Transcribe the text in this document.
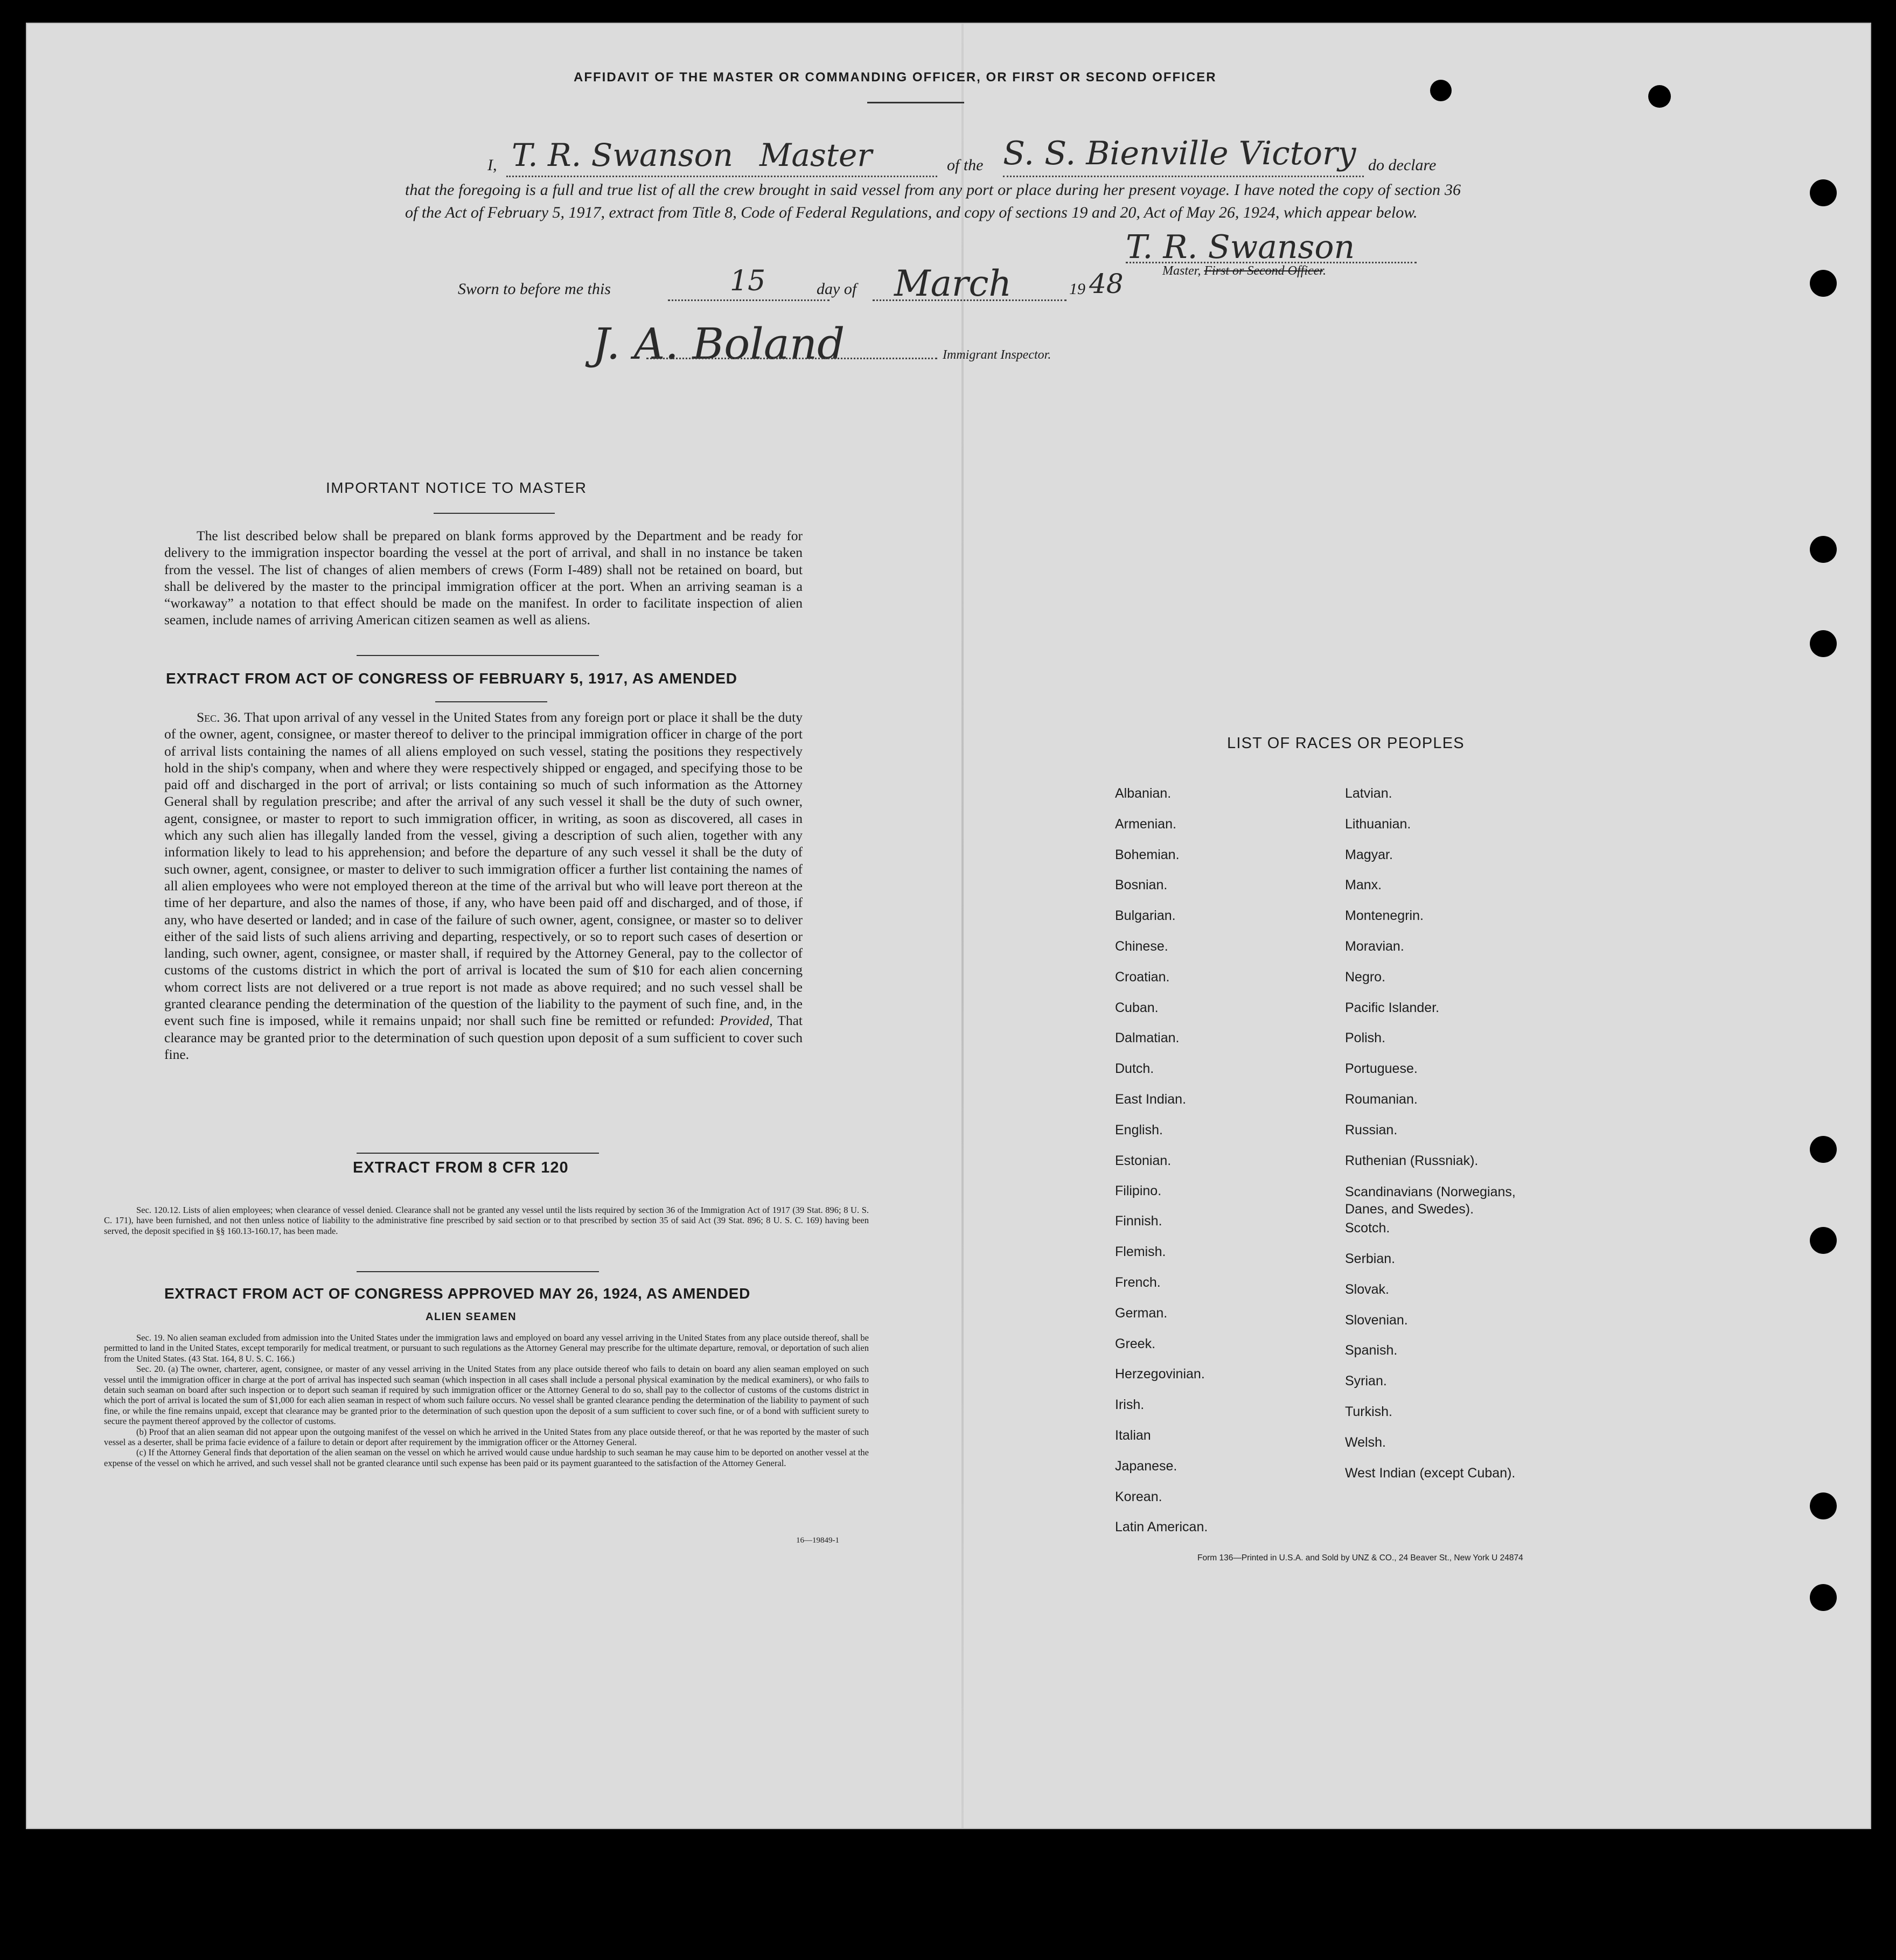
AFFIDAVIT OF THE MASTER OR COMMANDING OFFICER, OR FIRST OR SECOND OFFICER
I, T. R. Swanson Master	of the S. S. Bienville Victory do declare
that the foregoing is a full and true list of all the crew brought in said vessel from any port or place during her present voyage. I have noted the copy of section 36 of the Act of February 5, 1917, extract from Title 8, Code of Federal Regulations, and copy of sections 19 and 20, Act of May 26, 1924, which appear below.
T. R. Swanson
Master, First or Second Officer.
Sworn to before me this	15	day of March	19 48
J. A. Boland	Immigrant Inspector.
IMPORTANT NOTICE TO MASTER
The list described below shall be prepared on blank forms approved by the Department and be ready for delivery to the immigration inspector boarding the vessel at the port of arrival, and shall in no instance be taken from the vessel. The list of changes of alien members of crews (Form I-489) shall not be retained on board, but shall be delivered by the master to the principal immigration officer at the port. When an arriving seaman is a “workaway” a notation to that effect should be made on the manifest. In order to facilitate inspection of alien seamen, include names of arriving American citizen seamen as well as aliens.
EXTRACT FROM ACT OF CONGRESS OF FEBRUARY 5, 1917, AS AMENDED
Sec. 36. That upon arrival of any vessel in the United States from any foreign port or place it shall be the duty of the owner, agent, consignee, or master thereof to deliver to the principal immigration officer in charge of the port of arrival lists containing the names of all aliens employed on such vessel, stating the positions they respectively hold in the ship's company, when and where they were respectively shipped or engaged, and specifying those to be paid off and discharged in the port of arrival; or lists containing so much of such information as the Attorney General shall by regulation prescribe; and after the arrival of any such vessel it shall be the duty of such owner, agent, consignee, or master to report to such immigration officer, in writing, as soon as discovered, all cases in which any such alien has illegally landed from the vessel, giving a description of such alien, together with any information likely to lead to his apprehension; and before the departure of any such vessel it shall be the duty of such owner, agent, consignee, or master to deliver to such immigration officer a further list containing the names of all alien employees who were not employed thereon at the time of the arrival but who will leave port thereon at the time of her departure, and also the names of those, if any, who have been paid off and discharged, and of those, if any, who have deserted or landed; and in case of the failure of such owner, agent, consignee, or master so to deliver either of the said lists of such aliens arriving and departing, respectively, or so to report such cases of desertion or landing, such owner, agent, consignee, or master shall, if required by the Attorney General, pay to the collector of customs of the customs district in which the port of arrival is located the sum of $10 for each alien concerning whom correct lists are not delivered or a true report is not made as above required; and no such vessel shall be granted clearance pending the determination of the question of the liability to the payment of such fine, and, in the event such fine is imposed, while it remains unpaid; nor shall such fine be remitted or refunded: Provided, That clearance may be granted prior to the determination of such question upon deposit of a sum sufficient to cover such fine.
EXTRACT FROM 8 CFR 120
Sec. 120.12. Lists of alien employees; when clearance of vessel denied. Clearance shall not be granted any vessel until the lists required by section 36 of the Immigration Act of 1917 (39 Stat. 896; 8 U. S. C. 171), have been furnished, and not then unless notice of liability to the administrative fine prescribed by said section or to that prescribed by section 35 of said Act (39 Stat. 896; 8 U. S. C. 169) having been served, the deposit specified in §§ 160.13-160.17, has been made.
EXTRACT FROM ACT OF CONGRESS APPROVED MAY 26, 1924, AS AMENDED
ALIEN SEAMEN
Sec. 19. No alien seaman excluded from admission into the United States under the immigration laws and employed on board any vessel arriving in the United States from any place outside thereof, shall be permitted to land in the United States, except temporarily for medical treatment, or pursuant to such regulations as the Attorney General may prescribe for the ultimate departure, removal, or deportation of such alien from the United States. (43 Stat. 164, 8 U. S. C. 166.)
Sec. 20. (a) The owner, charterer, agent, consignee, or master of any vessel arriving in the United States from any place outside thereof who fails to detain on board any alien seaman employed on such vessel until the immigration officer in charge at the port of arrival has inspected such seaman (which inspection in all cases shall include a personal physical examination by the medical examiners), or who fails to detain such seaman on board after such inspection or to deport such seaman if required by such immigration officer or the Attorney General to do so, shall pay to the collector of customs of the customs district in which the port of arrival is located the sum of $1,000 for each alien seaman in respect of whom such failure occurs. No vessel shall be granted clearance pending the determination of the liability to payment of such fine, or while the fine remains unpaid, except that clearance may be granted prior to the determination of such question upon the deposit of a sum sufficient to cover such fine, or of a bond with sufficient surety to secure the payment thereof approved by the collector of customs.
(b) Proof that an alien seaman did not appear upon the outgoing manifest of the vessel on which he arrived in the United States from any place outside thereof, or that he was reported by the master of such vessel as a deserter, shall be prima facie evidence of a failure to detain or deport after requirement by the immigration officer or the Attorney General.
(c) If the Attorney General finds that deportation of the alien seaman on the vessel on which he arrived would cause undue hardship to such seaman he may cause him to be deported on another vessel at the expense of the vessel on which he arrived, and such vessel shall not be granted clearance until such expense has been paid or its payment guaranteed to the satisfaction of the Attorney General.
16—19849-1
LIST OF RACES OR PEOPLES
Albanian.
Armenian.
Bohemian.
Bosnian.
Bulgarian.
Chinese.
Croatian.
Cuban.
Dalmatian.
Dutch.
East Indian.
English.
Estonian.
Filipino.
Finnish.
Flemish.
French.
German.
Greek.
Herzegovinian.
Irish.
Italian
Japanese.
Korean.
Latin American.
Latvian.
Lithuanian.
Magyar.
Manx.
Montenegrin.
Moravian.
Negro.
Pacific Islander.
Polish.
Portuguese.
Roumanian.
Russian.
Ruthenian (Russniak).
Scandinavians (Norwegians,
Danes, and Swedes).
Scotch.
Serbian.
Slovak.
Slovenian.
Spanish.
Syrian.
Turkish.
Welsh.
West Indian (except Cuban).
Form 136—Printed in U.S.A. and Sold by UNZ & CO., 24 Beaver St., New York U 24874
